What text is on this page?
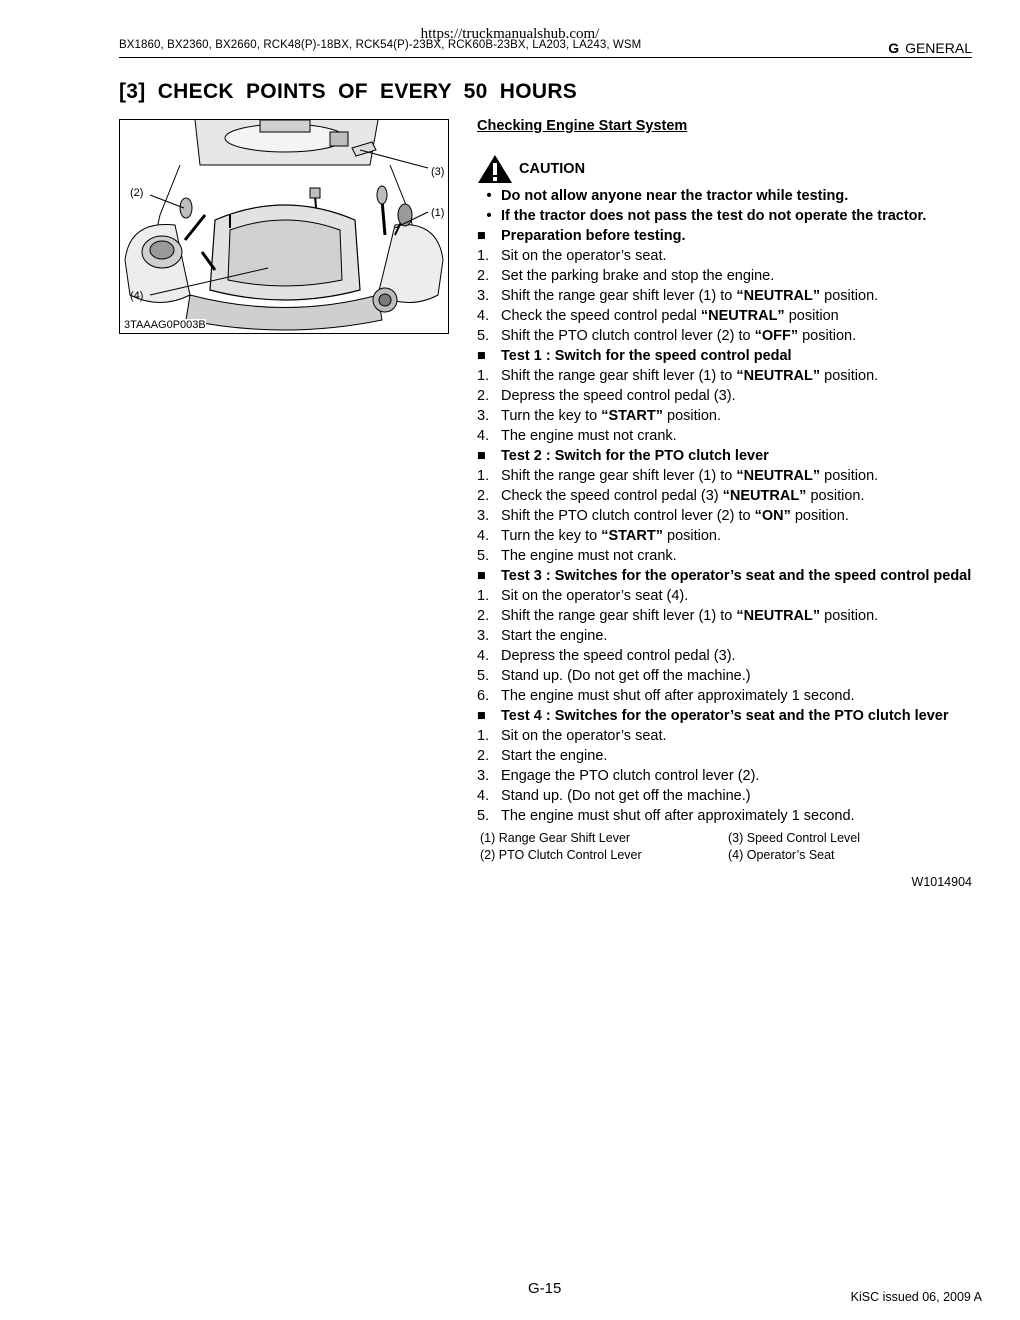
https://truckmanualshub.com/
BX1860, BX2360, BX2660, RCK48(P)-18BX, RCK54(P)-23BX, RCK60B-23BX, LA203, LA243, WSM	G GENERAL
[3] CHECK POINTS OF EVERY 50 HOURS
(1)
(2)
(3)
(4)
3TAAAG0P003B
Checking Engine Start System
CAUTION
• Do not allow anyone near the tractor while testing.
• If the tractor does not pass the test do not operate the tractor.
■	Preparation before testing.
1. Sit on the operator’s seat.
2. Set the parking brake and stop the engine.
3. Shift the range gear shift lever (1) to “NEUTRAL” position.
4. Check the speed control pedal “NEUTRAL” position
5. Shift the PTO clutch control lever (2) to “OFF” position.
■	Test 1 : Switch for the speed control pedal
1. Shift the range gear shift lever (1) to “NEUTRAL” position.
2. Depress the speed control pedal (3).
3. Turn the key to “START” position.
4. The engine must not crank.
■	Test 2 : Switch for the PTO clutch lever
1. Shift the range gear shift lever (1) to “NEUTRAL” position.
2. Check the speed control pedal (3) “NEUTRAL” position.
3. Shift the PTO clutch control lever (2) to “ON” position.
4. Turn the key to “START” position.
5. The engine must not crank.
■	Test 3 : Switches for the operator’s seat and the speed control pedal
1. Sit on the operator’s seat (4).
2. Shift the range gear shift lever (1) to “NEUTRAL” position.
3. Start the engine.
4. Depress the speed control pedal (3).
5. Stand up. (Do not get off the machine.)
6. The engine must shut off after approximately 1 second.
■	Test 4 : Switches for the operator’s seat and the PTO clutch lever
1. Sit on the operator’s seat.
2. Start the engine.
3. Engage the PTO clutch control lever (2).
4. Stand up. (Do not get off the machine.)
5. The engine must shut off after approximately 1 second.
(1) Range Gear Shift Lever	(3) Speed Control Level
(2) PTO Clutch Control Lever	(4) Operator’s Seat
W1014904
G-15	KiSC issued 06, 2009 A
